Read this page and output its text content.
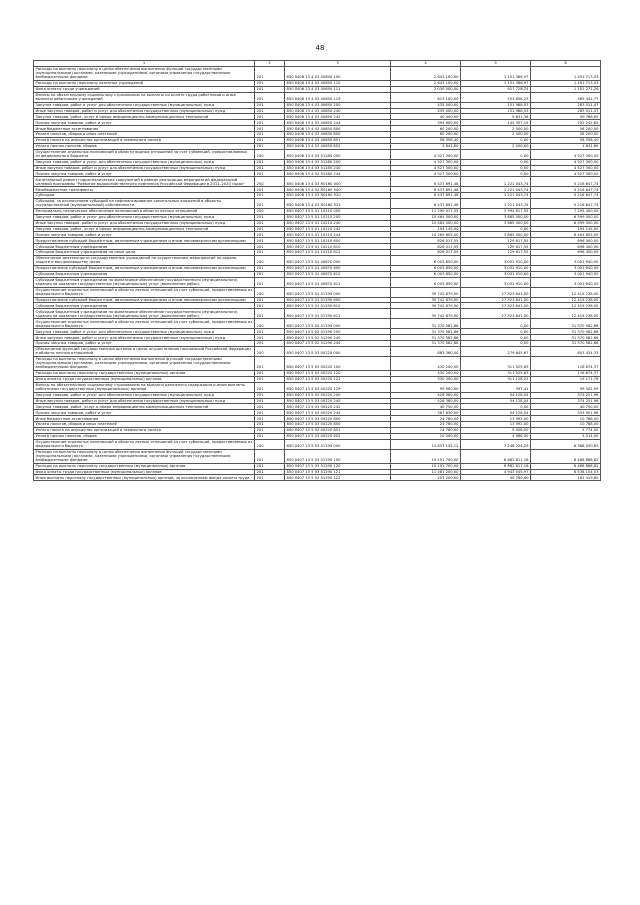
48
1	2	3	4	5	6
Расходы на выплаты персоналу в целях обеспечения выполнения функций государственными (муниципальными) органами, казенными учреждениями, органами управления государственными внебюджетными фондами	201	850 0406 13 4 03 40650 100	2 643 100,00	1 151 386,97	1 491 713,03
Расходы на выплаты персоналу казенных учреждений	201	850 0406 13 4 03 40650 110	2 643 100,00	1 151 386,97	1 491 713,03
Фонд оплаты труда учреждений	201	850 0406 13 4 03 40650 111	2 030 000,00	927 728,74	1 102 271,26
Взносы по обязательному социальному страхованию на выплаты по оплате труда работников и иные выплаты работникам учреждений	201	850 0406 13 4 03 40650 119	613 100,00	253 658,23	389 441,77
Закупка товаров, работ и услуг для обеспечения государственных (муниципальных) нужд	201	850 0406 13 4 03 40650 200	435 000,00	151 988,53	283 011,47
Иные закупки товаров, работ и услуг для обеспечения государственных (муниципальных) нужд	201	850 0406 13 4 03 40650 240	435 000,00	151 988,53	283 011,47
Закупка товаров, работ, услуг в сфере информационно-коммуникационных технологий	201	850 0406 13 4 03 40650 242	40 400,00	9 631,38	30 768,62
Прочая закупка товаров, работ и услуг	201	850 0406 13 4 03 40650 244	394 600,00	142 357,15	252 242,85
Иные бюджетные ассигнования	201	850 0406 13 4 03 40650 800	60 200,00	2 000,00	58 200,00
Уплата налогов, сборов и иных платежей	201	850 0406 13 4 03 40650 850	60 200,00	2 000,00	58 200,00
Уплата налога на имущество организаций и земельного налога	201	850 0406 13 4 03 40650 851	56 358,40	0,00	56 358,40
Уплата прочих налогов, сборов	201	850 0406 13 4 03 40650 852	3 841,60	2 000,00	1 841,60
Осуществление отдельных полномочий в области водных отношений за счет субвенций, предоставляемых из федерального бюджета	200	850 0406 13 4 03 51280 000	4 527 300,00	0,00	4 527 300,00
Закупка товаров, работ и услуг для обеспечения государственных (муниципальных) нужд	201	850 0406 13 4 03 51280 200	4 527 300,00	0,00	4 527 300,00
Иные закупки товаров, работ и услуг для обеспечения государственных (муниципальных) нужд	201	850 0406 13 4 03 51280 240	4 527 300,00	0,00	4 527 300,00
Прочая закупка товаров, работ и услуг	201	850 0406 13 4 03 51280 244	4 527 300,00	0,00	4 527 300,00
Капитальный ремонт гидротехнических сооружений в рамках реализации мероприятий федеральной целевой программы "Развитие водохозяйственного комплекса Российской Федерации в 2012–2020 годах"	200	850 0406 13 4 03 R0160 000	6 437 691,48	1 221 043,74	5 216 647,74
Межбюджетные трансферты	201	850 0406 13 4 03 R0160 500	6 437 691,48	1 221 043,74	5 216 647,74
Субсидии	201	850 0406 13 4 03 R0160 520	6 437 691,48	1 221 043,74	5 216 647,74
Субсидии, за исключением субсидий на софинансирование капитальных вложений в объекты государственной (муниципальной) собственности	201	850 0406 13 4 03 R0160 521	6 437 691,48	1 221 043,74	5 216 647,74
Материально-техническое обеспечение полномочий в области лесных отношений	200	850 0407 13 5 01 10210 000	11 290 017,55	3 994 617,55	7 295 400,00
Закупка товаров, работ и услуг для обеспечения государственных (муниципальных) нужд	201	850 0407 13 5 01 10210 200	10 464 000,00	3 865 000,00	6 599 000,00
Иные закупки товаров, работ и услуг для обеспечения государственных (муниципальных) нужд	201	850 0407 13 5 01 10210 240	10 464 000,00	3 865 000,00	6 599 000,00
Закупка товаров, работ, услуг в сфере информационно-коммуникационных технологий	201	850 0407 13 5 01 10210 242	194 145,00	0,00	194 145,00
Прочая закупка товаров, работ и услуг	201	850 0407 13 5 01 10210 244	10 269 855,00	3 865 000,00	6 404 855,00
Предоставление субсидий бюджетным, автономным учреждениям и иным некоммерческим организациям	201	850 0407 13 5 01 10210 600	826 017,55	129 617,55	696 400,00
Субсидии бюджетным учреждениям	201	850 0407 13 5 01 10210 610	826 017,55	129 617,55	696 400,00
Субсидии бюджетным учреждениям на иные цели	201	850 0407 13 5 01 10210 612	826 017,55	129 617,55	696 400,00
Обеспечение деятельности государственных учреждений по осуществлению мероприятий по охране, защите и воспроизводству лесов	200	850 0407 13 5 01 40670 000	6 003 850,00	3 001 910,00	3 001 940,00
Предоставление субсидий бюджетным, автономным учреждениям и иным некоммерческим организациям	201	850 0407 13 5 01 40670 600	6 003 850,00	3 001 910,00	3 001 940,00
Субсидии бюджетным учреждениям	201	850 0407 13 5 01 40670 610	6 003 850,00	3 001 910,00	3 001 940,00
Субсидии бюджетным учреждениям на финансовое обеспечение государственного (муниципального) задания на оказание государственных (муниципальных) услуг (выполнение работ)	201	850 0407 13 5 01 40670 611	6 003 850,00	3 001 910,00	3 001 940,00
Осуществление отдельных полномочий в области лесных отношений за счет субвенций, предоставляемых из федерального бюджета	200	850 0407 13 5 01 51290 000	39 742 879,00	27 323 641,00	12 419 238,00
Предоставление субсидий бюджетным, автономным учреждениям и иным некоммерческим организациям	201	850 0407 13 5 01 51290 600	39 742 879,00	27 323 641,00	12 419 238,00
Субсидии бюджетным учреждениям	201	850 0407 13 5 01 51290 610	39 742 879,00	27 323 641,00	12 419 238,00
Субсидии бюджетным учреждениям на финансовое обеспечение государственного (муниципального) задания на оказание государственных (муниципальных) услуг (выполнение работ)	201	850 0407 13 5 01 51290 611	39 742 879,00	27 323 641,00	12 419 238,00
Осуществление отдельных полномочий в области лесных отношений за счет субвенций, предоставляемых из федерального бюджета	200	850 0407 13 5 02 51290 000	31 370 582,86	0,00	31 370 582,86
Закупка товаров, работ и услуг для обеспечения государственных (муниципальных) нужд	201	850 0407 13 5 02 51290 200	31 370 582,86	0,00	31 370 582,86
Иные закупки товаров, работ и услуг для обеспечения государственных (муниципальных) нужд	201	850 0407 13 5 02 51290 240	31 370 582,86	0,00	31 370 582,86
Прочая закупка товаров, работ и услуг	201	850 0407 13 5 02 51290 244	31 370 582,86	0,00	31 370 582,86
Обеспечение функций государственных органов в целях осуществления полномочий Российской Федерации в области лесных отношений	200	850 0407 13 5 03 00220 000	883 360,00	279 645,67	603 434,33
Расходы на выплаты персоналу в целях обеспечения выполнения функций государственными (муниципальными) органами, казенными учреждениями, органами управления государственными внебюджетными фондами	201	850 0407 13 5 03 00220 100	430 200,00	311 525,63	118 674,37
Расходы на выплаты персоналу государственных (муниципальных) органов	201	850 0407 13 5 03 00220 120	430 200,00	311 525,63	118 674,37
Фонд оплаты труда государственных (муниципальных) органов	201	850 0407 13 5 03 00220 121	330 300,00	311 128,22	19 171,78
Взносы по обязательному социальному страхованию на выплаты денежного содержания и иные выплаты работникам государственных (муниципальных) органов	201	850 0407 13 5 03 00220 129	99 900,00	397,41	99 502,59
Закупка товаров, работ и услуг для обеспечения государственных (муниципальных) нужд	201	850 0407 13 5 03 00220 200	428 380,00	54 128,04	374 251,96
Иные закупки товаров, работ и услуг для обеспечения государственных (муниципальных) нужд	201	850 0407 13 5 03 00220 240	428 380,00	54 128,04	374 251,96
Закупка товаров, работ, услуг в сфере информационно-коммуникационных технологий	201	850 0407 13 5 03 00220 242	40 750,00	0,00	40 750,00
Прочая закупка товаров, работ и услуг	201	850 0407 13 5 03 00220 244	387 630,00	54 128,04	333 501,96
Иные бюджетные ассигнования	201	850 0407 13 5 03 00220 800	24 780,00	13 992,00	10 788,00
Уплата налогов, сборов и иных платежей	201	850 0407 13 5 03 00220 850	24 780,00	13 992,00	10 788,00
Уплата налога на имущество организаций и земельного налога	201	850 0407 13 5 03 00220 851	14 780,00	9 006,00	5 774,00
Уплата прочих налогов, сборов	201	850 0407 13 5 03 00220 852	10 000,00	4 986,00	5 014,00
Осуществление отдельных полномочий в области лесных отношений за счет субвенций, предоставляемых из федерального бюджета	200	850 0407 13 5 03 51290 000	15 637 155,12	7 248 224,29	8 388 930,83
Расходы на выплаты персоналу в целях обеспечения выполнения функций государственными (муниципальными) органами, казенными учреждениями, органами управления государственными внебюджетными фондами	201	850 0407 13 5 03 51290 100	15 151 700,00	6 682 811,18	8 468 888,82
Расходы на выплаты персоналу государственных (муниципальных) органов	201	850 0407 13 5 03 51290 120	15 151 700,00	6 682 811,18	8 468 888,82
Фонд оплаты труда государственных (муниципальных) органов	201	850 0407 13 5 03 51290 121	11 481 200,00	4 943 045,97	6 538 154,03
Иные выплаты персоналу государственных (муниципальных) органов, за исключением фонда оплаты труда	201	850 0407 13 5 03 51290 122	203 200,00	40 780,40	162 419,60
